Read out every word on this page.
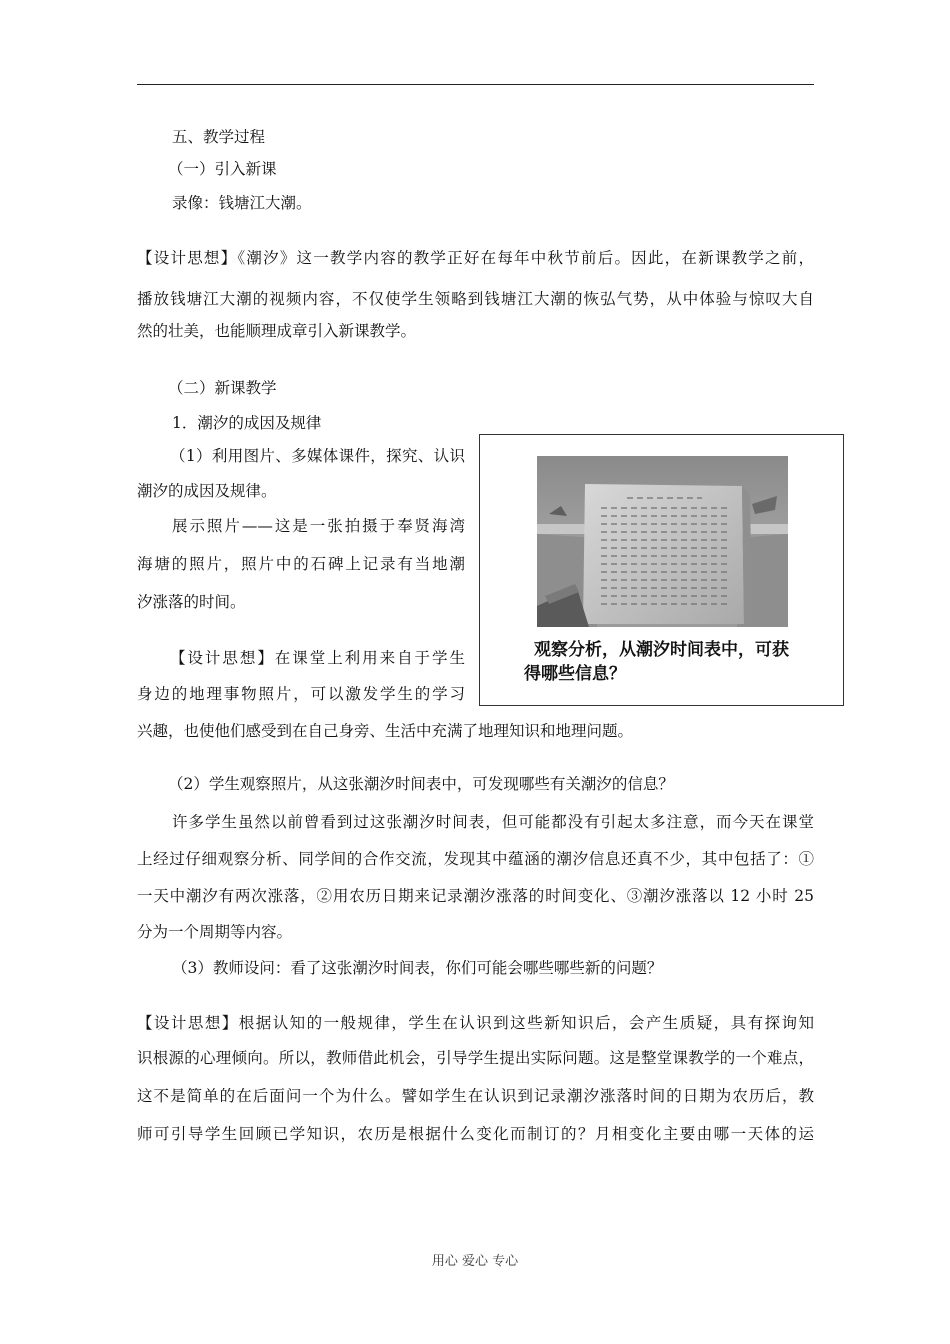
五、教学过程
（一）引入新课
录像：钱塘江大潮。
【设计思想】《潮汐》这一教学内容的教学正好在每年中秋节前后。因此，在新课教学之前，
播放钱塘江大潮的视频内容，不仅使学生领略到钱塘江大潮的恢弘气势，从中体验与惊叹大自
然的壮美，也能顺理成章引入新课教学。
（二）新课教学
1．潮汐的成因及规律
（1）利用图片、多媒体课件，探究、认识
潮汐的成因及规律。
展示照片——这是一张拍摄于奉贤海湾
海塘的照片，照片中的石碑上记录有当地潮
汐涨落的时间。
【设计思想】在课堂上利用来自于学生
身边的地理事物照片，可以激发学生的学习
兴趣，也使他们感受到在自己身旁、生活中充满了地理知识和地理问题。
（2）学生观察照片，从这张潮汐时间表中，可发现哪些有关潮汐的信息？
许多学生虽然以前曾看到过这张潮汐时间表，但可能都没有引起太多注意，而今天在课堂
上经过仔细观察分析、同学间的合作交流，发现其中蕴涵的潮汐信息还真不少，其中包括了：①
一天中潮汐有两次涨落，②用农历日期来记录潮汐涨落的时间变化、③潮汐涨落以 12 小时 25
分为一个周期等内容。
（3）教师设问：看了这张潮汐时间表，你们可能会哪些哪些新的问题？
【设计思想】根据认知的一般规律，学生在认识到这些新知识后，会产生质疑，具有探询知
识根源的心理倾向。所以，教师借此机会，引导学生提出实际问题。这是整堂课教学的一个难点，
这不是简单的在后面问一个为什么。譬如学生在认识到记录潮汐涨落时间的日期为农历后，教
师可引导学生回顾已学知识，农历是根据什么变化而制订的？月相变化主要由哪一天体的运
观察分析，从潮汐时间表中，可获
得哪些信息？
用心 爱心 专心
